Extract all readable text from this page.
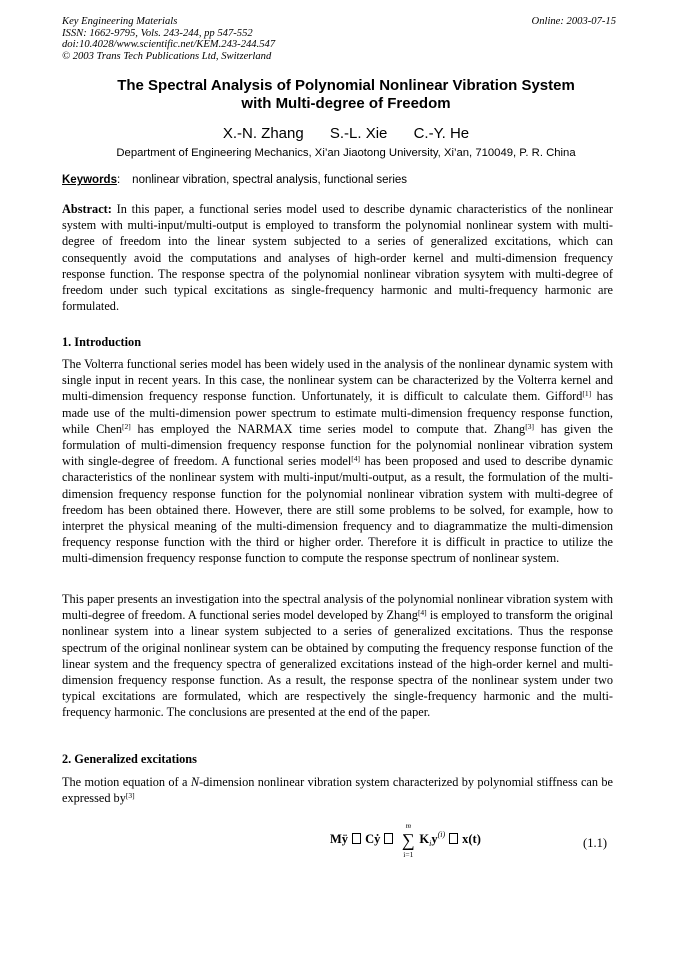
Key Engineering Materials
ISSN: 1662-9795, Vols. 243-244, pp 547-552
doi:10.4028/www.scientific.net/KEM.243-244.547
© 2003 Trans Tech Publications Ltd, Switzerland
Online: 2003-07-15
The Spectral Analysis of Polynomial Nonlinear Vibration System
with Multi-degree of Freedom
X.-N. Zhang S.-L. Xie C.-Y. He
Department of Engineering Mechanics, Xi’an Jiaotong University, Xi’an, 710049, P. R. China
Keywords: nonlinear vibration, spectral analysis, functional series
Abstract: In this paper, a functional series model used to describe dynamic characteristics of the nonlinear system with multi-input/multi-output is employed to transform the polynomial nonlinear system with multi-degree of freedom into the linear system subjected to a series of generalized excitations, which can consequently avoid the computations and analyses of high-order kernel and multi-dimension frequency response function. The response spectra of the polynomial nonlinear vibration sysytem with multi-degree of freedom under such typical excitations as single-frequency harmonic and multi-frequency harmonic are formulated.
1. Introduction
The Volterra functional series model has been widely used in the analysis of the nonlinear dynamic system with single input in recent years. In this case, the nonlinear system can be characterized by the Volterra kernel and multi-dimension frequency response function. Unfortunately, it is difficult to calculate them. Gifford[1] has made use of the multi-dimension power spectrum to estimate multi-dimension frequency response function, while Chen[2] has employed the NARMAX time series model to compute that. Zhang[3] has given the formulation of multi-dimension frequency response function for the polynomial nonlinear vibration system with single-degree of freedom. A functional series model[4] has been proposed and used to describe dynamic characteristics of the nonlinear system with multi-input/multi-output, as a result, the formulation of the multi-dimension frequency response function for the polynomial nonlinear vibration system with multi-degree of freedom has been obtained there. However, there are still some problems to be solved, for example, how to interpret the physical meaning of the multi-dimension frequency and to diagrammatize the multi-dimension frequency response function with the third or higher order. Therefore it is difficult in practice to utilize the multi-dimension frequency response function to compute the response spectrum of nonlinear system.
This paper presents an investigation into the spectral analysis of the polynomial nonlinear vibration system with multi-degree of freedom. A functional series model developed by Zhang[4] is employed to transform the original nonlinear system into a linear system subjected to a series of generalized excitations. Thus the response spectrum of the original nonlinear system can be obtained by computing the frequency response function of the linear system and the frequency spectra of generalized excitations instead of the high-order kernel and multi-dimension frequency response function. As a result, the response spectra of the nonlinear system under two typical excitations are formulated, which are respectively the single-frequency harmonic and the multi-frequency harmonic. The conclusions are presented at the end of the paper.
2. Generalized excitations
The motion equation of a N-dimension nonlinear vibration system characterized by polynomial stiffness can be expressed by[3]
Mÿ Cẏ
m
∑
i=1
$K_iy^{(i)}$ x(t)	(1.1)
